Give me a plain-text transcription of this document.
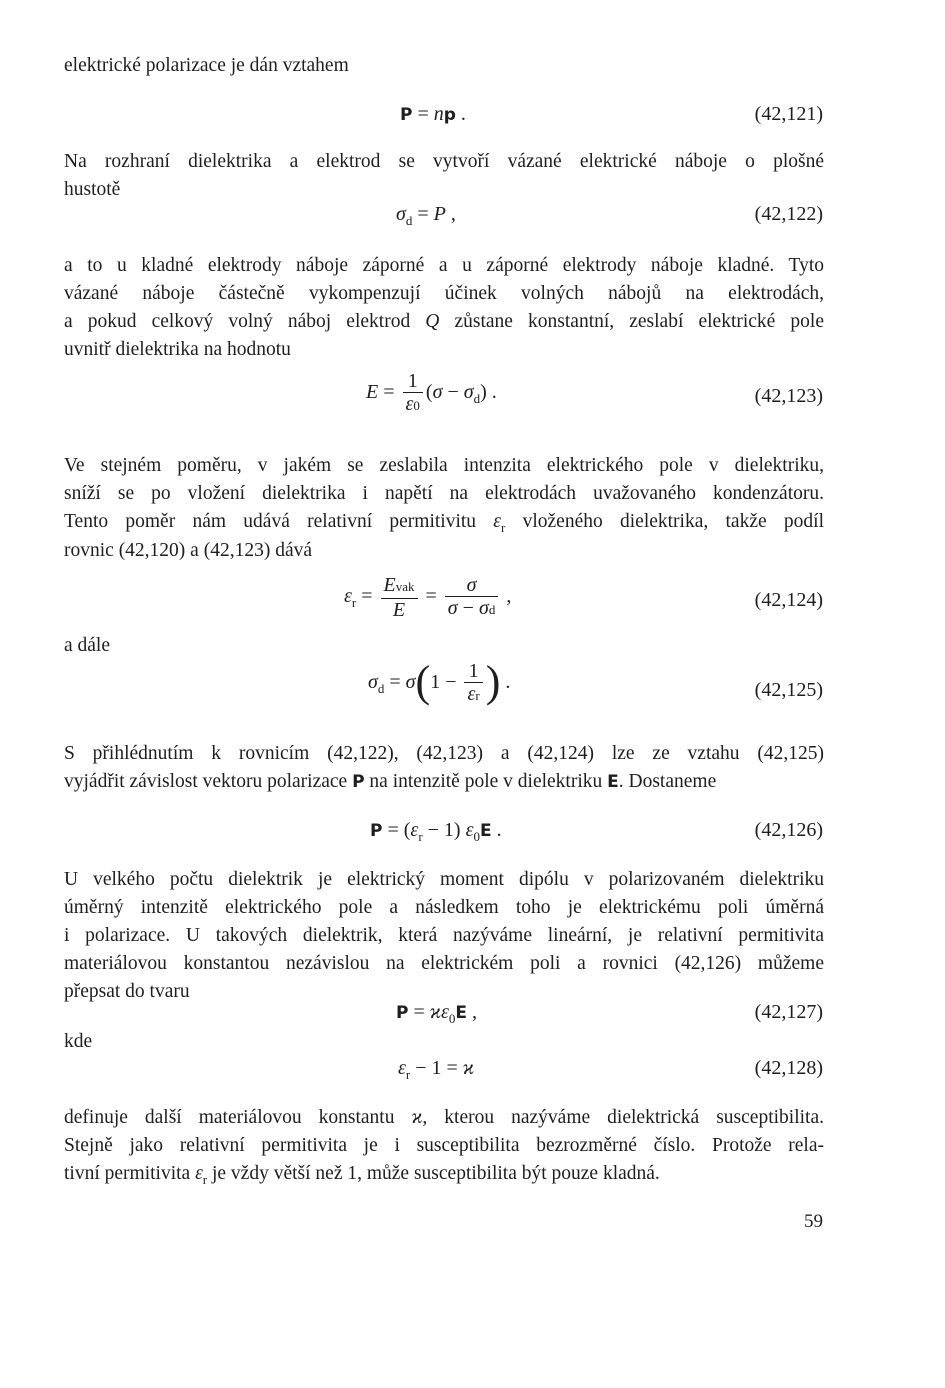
elektrické polarizace je dán vztahem

P = np .	(42,121)

Na rozhraní dielektrika a elektrod se vytvoří vázané elektrické náboje o plošné
hustotě

$\sigma_d = P$ ,	(42,122)

a to u kladné elektrody náboje záporné a u záporné elektrody náboje kladné. Tyto
vázané náboje částečně vykompenzují účinek volných nábojů na elektrodách,
a pokud celkový volný náboj elektrod Q zůstane konstantní, zeslabí elektrické pole
uvnitř dielektrika na hodnotu

$E = \frac{1}{\varepsilon 0} (\sigma - \sigma_d)$ .	(42,123)

Ve stejném poměru, v jakém se zeslabila intenzita elektrického pole v dielektriku,
sníží se po vložení dielektrika i napětí na elektrodách uvažovaného kondenzátoru.
Tento poměr nám udává relativní permitivitu $\varepsilon_r$ vloženého dielektrika, takže podíl
rovnic (42,120) a (42,123) dává

$\varepsilon_r = \frac{\text{Evak}}{E} = \frac{\sigma}{\sigma - \sigma d}$ ,	(42,124)

a dále

$\sigma_d = \sigma(1 - \frac{1}{\varepsilon r}$ ) .	(42,125)

S přihlédnutím k rovnicím (42,122), (42,123) a (42,124) lze ze vztahu (42,125)
vyjádřit závislost vektoru polarizace P na intenzitě pole v dielektriku E. Dostaneme

$P = (\varepsilon_r - 1)$ $\varepsilon_0E$ .	(42,126)

U velkého počtu dielektrik je elektrický moment dipólu v polarizovaném dielektriku
úměrný intenzitě elektrického pole a následkem toho je elektrickému poli úměrná
i polarizace. U takových dielektrik, která nazýváme lineární, je relativní permitivita
materiálovou konstantou nezávislou na elektrickém poli a rovnici (42,126) můžeme
přepsat do tvaru

$P = ϰ\varepsilon_0E$ ,	(42,127)

kde

$\varepsilon_r - 1 = ϰ$	(42,128)

definuje další materiálovou konstantu ϰ, kterou nazýváme dielektrická susceptibilita.
Stejně jako relativní permitivita je i susceptibilita bezrozměrné číslo. Protože rela-
tivní permitivita $\varepsilon_r$ je vždy větší než 1, může susceptibilita být pouze kladná.

59
